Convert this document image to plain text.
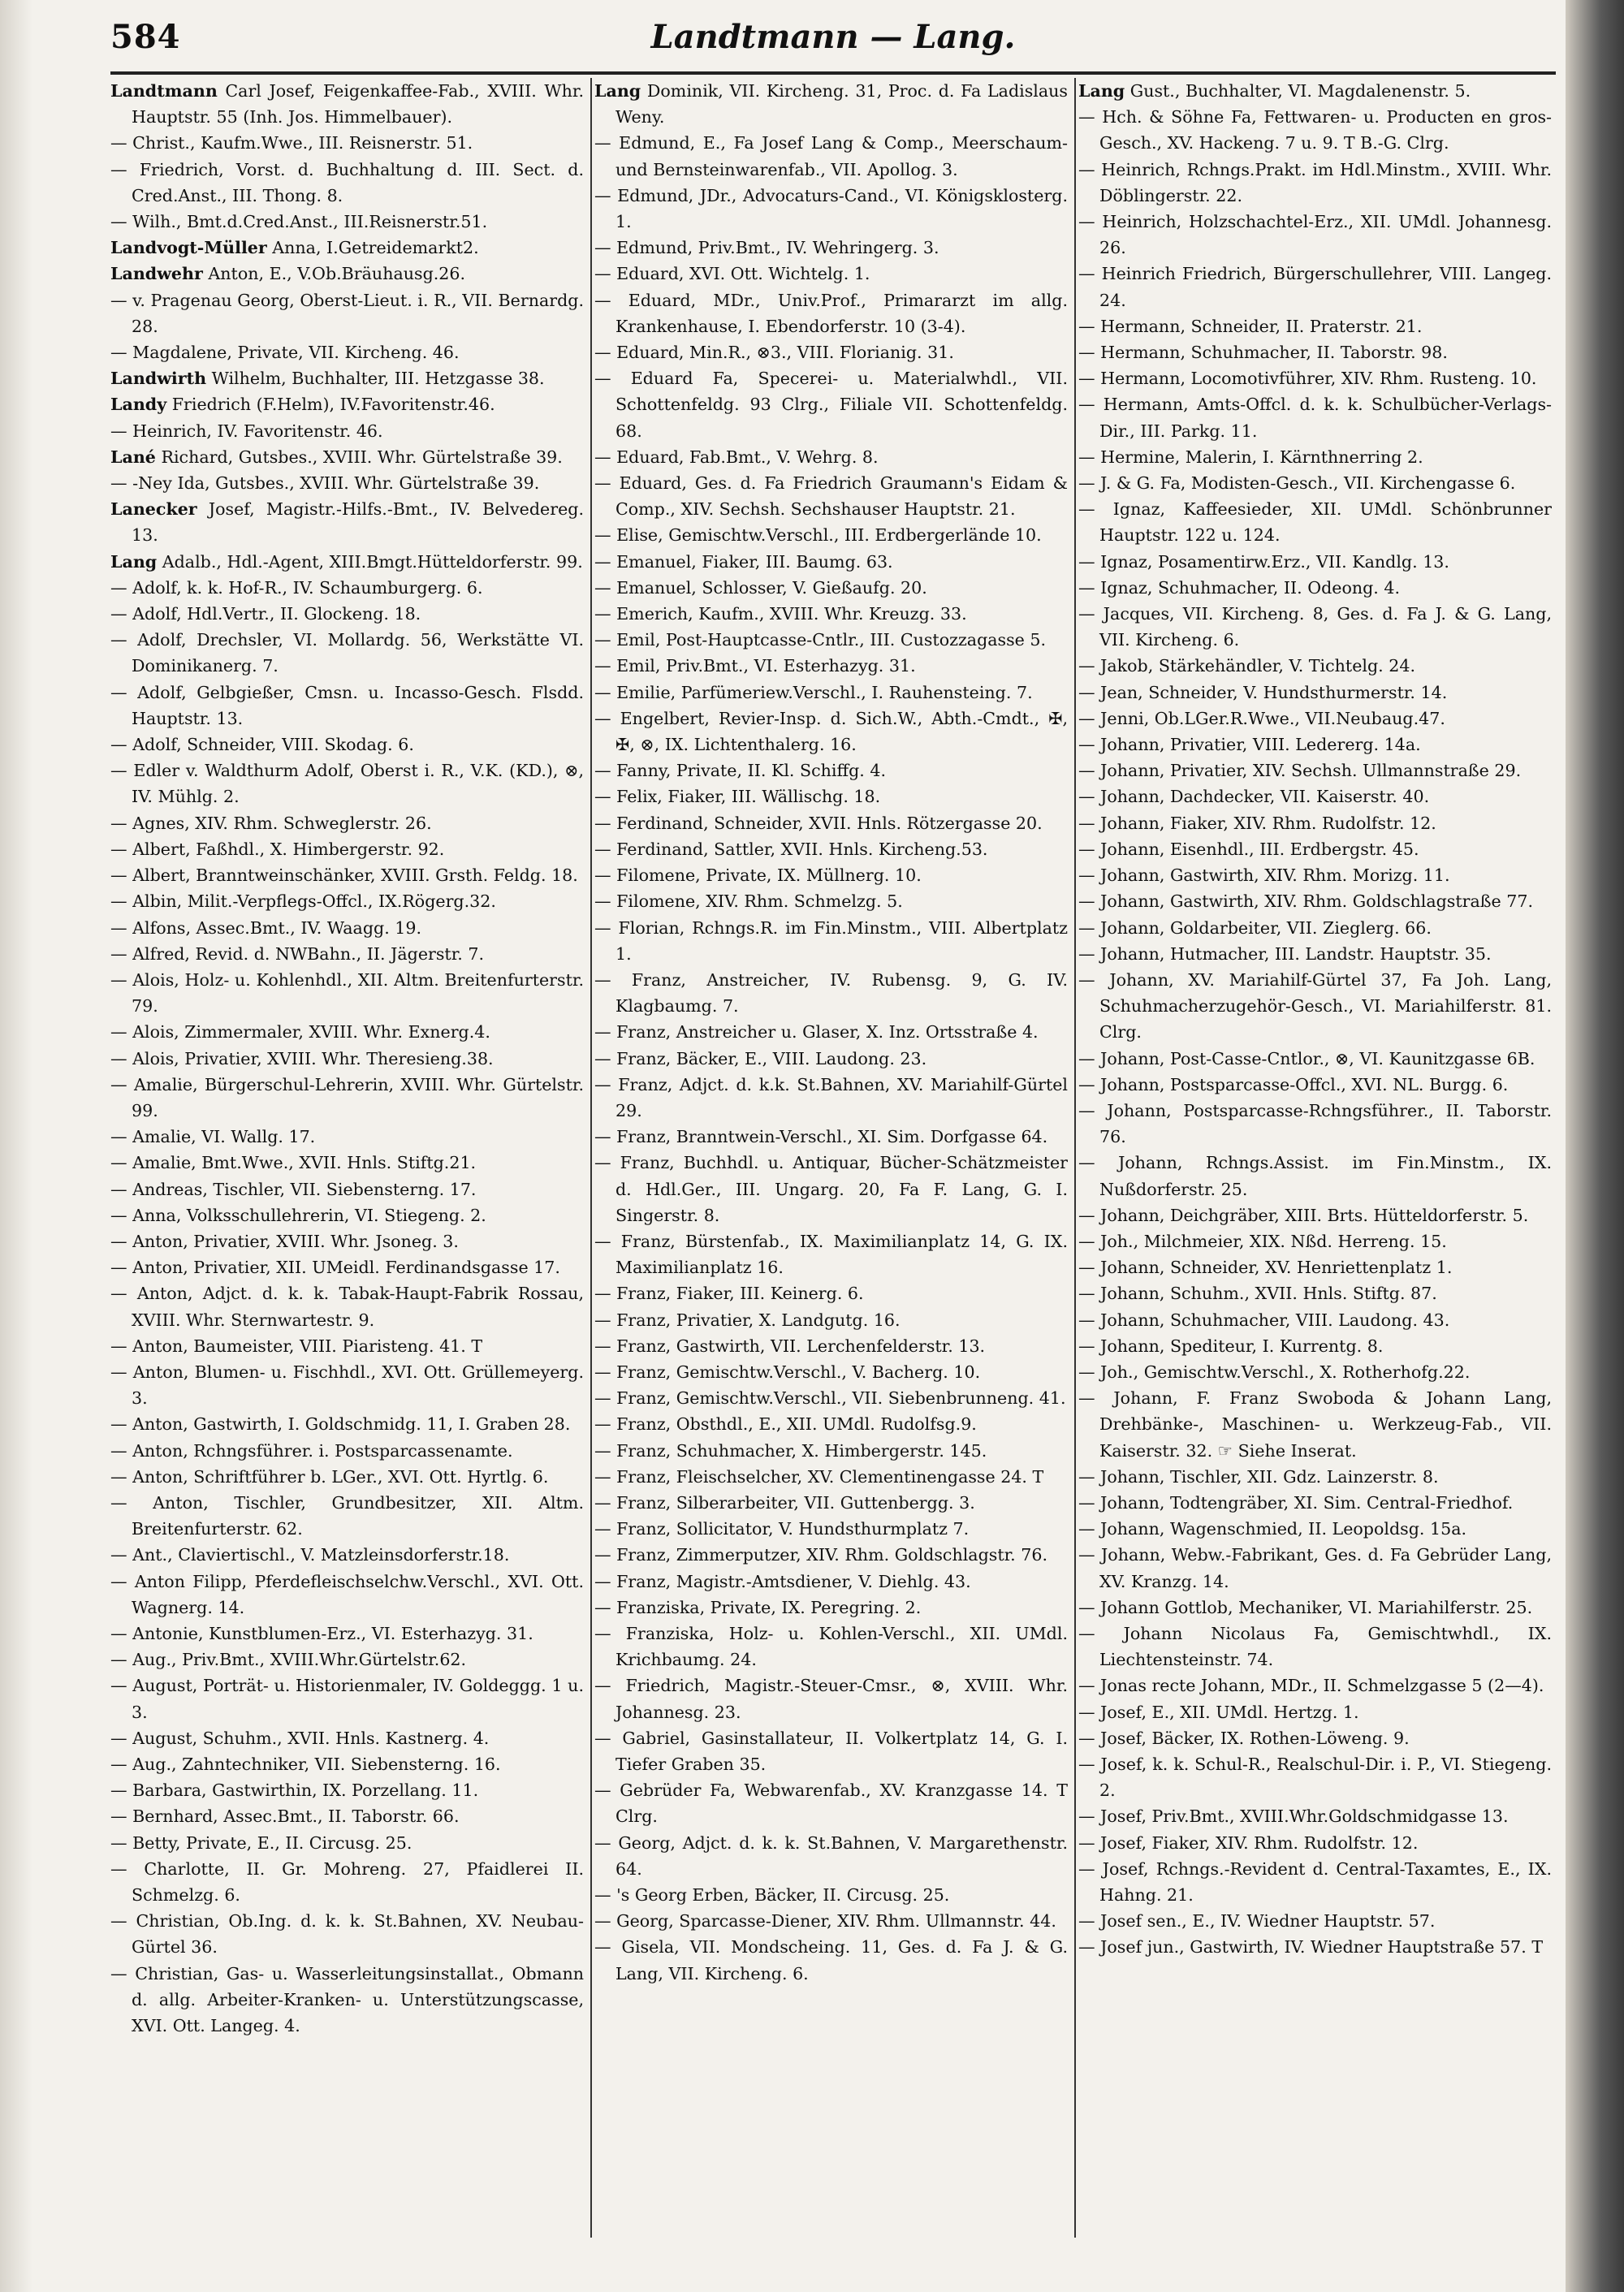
Landtmann — Lang.
584
Landtmann Carl Josef, Feigenkaffee-Fab., XVIII. Whr. Hauptstr. 55 (Inh. Jos. Himmelbauer).
— Christ., Kaufm.Wwe., III. Reisnerstr. 51.
— Friedrich, Vorst. d. Buchhaltung d. III. Sect. d. Cred.Anst., III. Thong. 8.
— Wilh., Bmt.d.Cred.Anst., III.Reisnerstr.51.
Landvogt-Müller Anna, I.Getreidemarkt2.
Landwehr Anton, E., V.Ob.Bräuhausg.26.
— v. Pragenau Georg, Oberst-Lieut. i. R., VII. Bernardg. 28.
— Magdalene, Private, VII. Kircheng. 46.
Landwirth Wilhelm, Buchhalter, III. Hetzgasse 38.
Landy Friedrich (F.Helm), IV.Favoritenstr.46.
— Heinrich, IV. Favoritenstr. 46.
Lané Richard, Gutsbes., XVIII. Whr. Gürtelstraße 39.
— -Ney Ida, Gutsbes., XVIII. Whr. Gürtelstraße 39.
Lanecker Josef, Magistr.-Hilfs.-Bmt., IV. Belvedereg. 13.
Lang Adalb., Hdl.-Agent, XIII.Bmgt.Hütteldorferstr. 99.
— Adolf, k. k. Hof-R., IV. Schaumburgerg. 6.
— Adolf, Hdl.Vertr., II. Glockeng. 18.
— Adolf, Drechsler, VI. Mollardg. 56, Werkstätte VI. Dominikanerg. 7.
— Adolf, Gelbgießer, Cmsn. u. Incasso-Gesch. Flsdd. Hauptstr. 13.
— Adolf, Schneider, VIII. Skodag. 6.
— Edler v. Waldthurm Adolf, Oberst i. R., V.K. (KD.), ⊗, IV. Mühlg. 2.
— Agnes, XIV. Rhm. Schweglerstr. 26.
— Albert, Faßhdl., X. Himbergerstr. 92.
— Albert, Branntweinschänker, XVIII. Grsth. Feldg. 18.
— Albin, Milit.-Verpflegs-Offcl., IX.Rögerg.32.
— Alfons, Assec.Bmt., IV. Waagg. 19.
— Alfred, Revid. d. NWBahn., II. Jägerstr. 7.
— Alois, Holz- u. Kohlenhdl., XII. Altm. Breitenfurterstr. 79.
— Alois, Zimmermaler, XVIII. Whr. Exnerg.4.
— Alois, Privatier, XVIII. Whr. Theresieng.38.
— Amalie, Bürgerschul-Lehrerin, XVIII. Whr. Gürtelstr. 99.
— Amalie, VI. Wallg. 17.
— Amalie, Bmt.Wwe., XVII. Hnls. Stiftg.21.
— Andreas, Tischler, VII. Siebensterng. 17.
— Anna, Volksschullehrerin, VI. Stiegeng. 2.
— Anton, Privatier, XVIII. Whr. Jsoneg. 3.
— Anton, Privatier, XII. UMeidl. Ferdinandsgasse 17.
— Anton, Adjct. d. k. k. Tabak-Haupt-Fabrik Rossau, XVIII. Whr. Sternwartestr. 9.
— Anton, Baumeister, VIII. Piaristeng. 41. T
— Anton, Blumen- u. Fischhdl., XVI. Ott. Grüllemeyerg. 3.
— Anton, Gastwirth, I. Goldschmidg. 11, I. Graben 28.
— Anton, Rchngsführer. i. Postsparcassenamte.
— Anton, Schriftführer b. LGer., XVI. Ott. Hyrtlg. 6.
— Anton, Tischler, Grundbesitzer, XII. Altm. Breitenfurterstr. 62.
— Ant., Claviertischl., V. Matzleinsdorferstr.18.
— Anton Filipp, Pferdefleischselchw.Verschl., XVI. Ott. Wagnerg. 14.
— Antonie, Kunstblumen-Erz., VI. Esterhazyg. 31.
— Aug., Priv.Bmt., XVIII.Whr.Gürtelstr.62.
— August, Porträt- u. Historienmaler, IV. Goldeggg. 1 u. 3.
— August, Schuhm., XVII. Hnls. Kastnerg. 4.
— Aug., Zahntechniker, VII. Siebensterng. 16.
— Barbara, Gastwirthin, IX. Porzellang. 11.
— Bernhard, Assec.Bmt., II. Taborstr. 66.
— Betty, Private, E., II. Circusg. 25.
— Charlotte, II. Gr. Mohreng. 27, Pfaidlerei II. Schmelzg. 6.
— Christian, Ob.Ing. d. k. k. St.Bahnen, XV. Neubau-Gürtel 36.
— Christian, Gas- u. Wasserleitungsinstallat., Obmann d. allg. Arbeiter-Kranken- u. Unterstützungscasse, XVI. Ott. Langeg. 4.
Lang Dominik, VII. Kircheng. 31, Proc. d. Fa Ladislaus Weny.
— Edmund, E., Fa Josef Lang & Comp., Meerschaum- und Bernsteinwarenfab., VII. Apollog. 3.
— Edmund, JDr., Advocaturs-Cand., VI. Königsklosterg. 1.
— Edmund, Priv.Bmt., IV. Wehringerg. 3.
— Eduard, XVI. Ott. Wichtelg. 1.
— Eduard, MDr., Univ.Prof., Primararzt im allg. Krankenhause, I. Ebendorferstr. 10 (3-4).
— Eduard, Min.R., ⊗3., VIII. Florianig. 31.
— Eduard Fa, Specerei- u. Materialwhdl., VII. Schottenfeldg. 93 Clrg., Filiale VII. Schottenfeldg. 68.
— Eduard, Fab.Bmt., V. Wehrg. 8.
— Eduard, Ges. d. Fa Friedrich Graumann's Eidam & Comp., XIV. Sechsh. Sechshauser Hauptstr. 21.
— Elise, Gemischtw.Verschl., III. Erdbergerlände 10.
— Emanuel, Fiaker, III. Baumg. 63.
— Emanuel, Schlosser, V. Gießaufg. 20.
— Emerich, Kaufm., XVIII. Whr. Kreuzg. 33.
— Emil, Post-Hauptcasse-Cntlr., III. Custozzagasse 5.
— Emil, Priv.Bmt., VI. Esterhazyg. 31.
— Emilie, Parfümeriew.Verschl., I. Rauhensteing. 7.
— Engelbert, Revier-Insp. d. Sich.W., Abth.-Cmdt., ✠, ✠, ⊗, IX. Lichtenthalerg. 16.
— Fanny, Private, II. Kl. Schiffg. 4.
— Felix, Fiaker, III. Wällischg. 18.
— Ferdinand, Schneider, XVII. Hnls. Rötzergasse 20.
— Ferdinand, Sattler, XVII. Hnls. Kircheng.53.
— Filomene, Private, IX. Müllnerg. 10.
— Filomene, XIV. Rhm. Schmelzg. 5.
— Florian, Rchngs.R. im Fin.Minstm., VIII. Albertplatz 1.
— Franz, Anstreicher, IV. Rubensg. 9, G. IV. Klagbaumg. 7.
— Franz, Anstreicher u. Glaser, X. Inz. Ortsstraße 4.
— Franz, Bäcker, E., VIII. Laudong. 23.
— Franz, Adjct. d. k.k. St.Bahnen, XV. Mariahilf-Gürtel 29.
— Franz, Branntwein-Verschl., XI. Sim. Dorfgasse 64.
— Franz, Buchhdl. u. Antiquar, Bücher-Schätzmeister d. Hdl.Ger., III. Ungarg. 20, Fa F. Lang, G. I. Singerstr. 8.
— Franz, Bürstenfab., IX. Maximilianplatz 14, G. IX. Maximilianplatz 16.
— Franz, Fiaker, III. Keinerg. 6.
— Franz, Privatier, X. Landgutg. 16.
— Franz, Gastwirth, VII. Lerchenfelderstr. 13.
— Franz, Gemischtw.Verschl., V. Bacherg. 10.
— Franz, Gemischtw.Verschl., VII. Siebenbrunneng. 41.
— Franz, Obsthdl., E., XII. UMdl. Rudolfsg.9.
— Franz, Schuhmacher, X. Himbergerstr. 145.
— Franz, Fleischselcher, XV. Clementinengasse 24. T
— Franz, Silberarbeiter, VII. Guttenbergg. 3.
— Franz, Sollicitator, V. Hundsthurmplatz 7.
— Franz, Zimmerputzer, XIV. Rhm. Goldschlagstr. 76.
— Franz, Magistr.-Amtsdiener, V. Diehlg. 43.
— Franziska, Private, IX. Peregring. 2.
— Franziska, Holz- u. Kohlen-Verschl., XII. UMdl. Krichbaumg. 24.
— Friedrich, Magistr.-Steuer-Cmsr., ⊗, XVIII. Whr. Johannesg. 23.
— Gabriel, Gasinstallateur, II. Volkertplatz 14, G. I. Tiefer Graben 35.
— Gebrüder Fa, Webwarenfab., XV. Kranzgasse 14. T Clrg.
— Georg, Adjct. d. k. k. St.Bahnen, V. Margarethenstr. 64.
— 's Georg Erben, Bäcker, II. Circusg. 25.
— Georg, Sparcasse-Diener, XIV. Rhm. Ullmannstr. 44.
— Gisela, VII. Mondscheing. 11, Ges. d. Fa J. & G. Lang, VII. Kircheng. 6.
Lang Gust., Buchhalter, VI. Magdalenenstr. 5.
— Hch. & Söhne Fa, Fettwaren- u. Producten en gros-Gesch., XV. Hackeng. 7 u. 9. T B.-G. Clrg.
— Heinrich, Rchngs.Prakt. im Hdl.Minstm., XVIII. Whr. Döblingerstr. 22.
— Heinrich, Holzschachtel-Erz., XII. UMdl. Johannesg. 26.
— Heinrich Friedrich, Bürgerschullehrer, VIII. Langeg. 24.
— Hermann, Schneider, II. Praterstr. 21.
— Hermann, Schuhmacher, II. Taborstr. 98.
— Hermann, Locomotivführer, XIV. Rhm. Rusteng. 10.
— Hermann, Amts-Offcl. d. k. k. Schulbücher-Verlags-Dir., III. Parkg. 11.
— Hermine, Malerin, I. Kärnthnerring 2.
— J. & G. Fa, Modisten-Gesch., VII. Kirchengasse 6.
— Ignaz, Kaffeesieder, XII. UMdl. Schönbrunner Hauptstr. 122 u. 124.
— Ignaz, Posamentirw.Erz., VII. Kandlg. 13.
— Ignaz, Schuhmacher, II. Odeong. 4.
— Jacques, VII. Kircheng. 8, Ges. d. Fa J. & G. Lang, VII. Kircheng. 6.
— Jakob, Stärkehändler, V. Tichtelg. 24.
— Jean, Schneider, V. Hundsthurmerstr. 14.
— Jenni, Ob.LGer.R.Wwe., VII.Neubaug.47.
— Johann, Privatier, VIII. Ledererg. 14a.
— Johann, Privatier, XIV. Sechsh. Ullmannstraße 29.
— Johann, Dachdecker, VII. Kaiserstr. 40.
— Johann, Fiaker, XIV. Rhm. Rudolfstr. 12.
— Johann, Eisenhdl., III. Erdbergstr. 45.
— Johann, Gastwirth, XIV. Rhm. Morizg. 11.
— Johann, Gastwirth, XIV. Rhm. Goldschlagstraße 77.
— Johann, Goldarbeiter, VII. Zieglerg. 66.
— Johann, Hutmacher, III. Landstr. Hauptstr. 35.
— Johann, XV. Mariahilf-Gürtel 37, Fa Joh. Lang, Schuhmacherzugehör-Gesch., VI. Mariahilferstr. 81. Clrg.
— Johann, Post-Casse-Cntlor., ⊗, VI. Kaunitzgasse 6B.
— Johann, Postsparcasse-Offcl., XVI. NL. Burgg. 6.
— Johann, Postsparcasse-Rchngsführer., II. Taborstr. 76.
— Johann, Rchngs.Assist. im Fin.Minstm., IX. Nußdorferstr. 25.
— Johann, Deichgräber, XIII. Brts. Hütteldorferstr. 5.
— Joh., Milchmeier, XIX. Nßd. Herreng. 15.
— Johann, Schneider, XV. Henriettenplatz 1.
— Johann, Schuhm., XVII. Hnls. Stiftg. 87.
— Johann, Schuhmacher, VIII. Laudong. 43.
— Johann, Spediteur, I. Kurrentg. 8.
— Joh., Gemischtw.Verschl., X. Rotherhofg.22.
— Johann, F. Franz Swoboda & Johann Lang, Drehbänke-, Maschinen- u. Werkzeug-Fab., VII. Kaiserstr. 32. ☞ Siehe Inserat.
— Johann, Tischler, XII. Gdz. Lainzerstr. 8.
— Johann, Todtengräber, XI. Sim. Central-Friedhof.
— Johann, Wagenschmied, II. Leopoldsg. 15a.
— Johann, Webw.-Fabrikant, Ges. d. Fa Gebrüder Lang, XV. Kranzg. 14.
— Johann Gottlob, Mechaniker, VI. Mariahilferstr. 25.
— Johann Nicolaus Fa, Gemischtwhdl., IX. Liechtensteinstr. 74.
— Jonas recte Johann, MDr., II. Schmelzgasse 5 (2—4).
— Josef, E., XII. UMdl. Hertzg. 1.
— Josef, Bäcker, IX. Rothen-Löweng. 9.
— Josef, k. k. Schul-R., Realschul-Dir. i. P., VI. Stiegeng. 2.
— Josef, Priv.Bmt., XVIII.Whr.Goldschmidgasse 13.
— Josef, Fiaker, XIV. Rhm. Rudolfstr. 12.
— Josef, Rchngs.-Revident d. Central-Taxamtes, E., IX. Hahng. 21.
— Josef sen., E., IV. Wiedner Hauptstr. 57.
— Josef jun., Gastwirth, IV. Wiedner Hauptstraße 57. T
